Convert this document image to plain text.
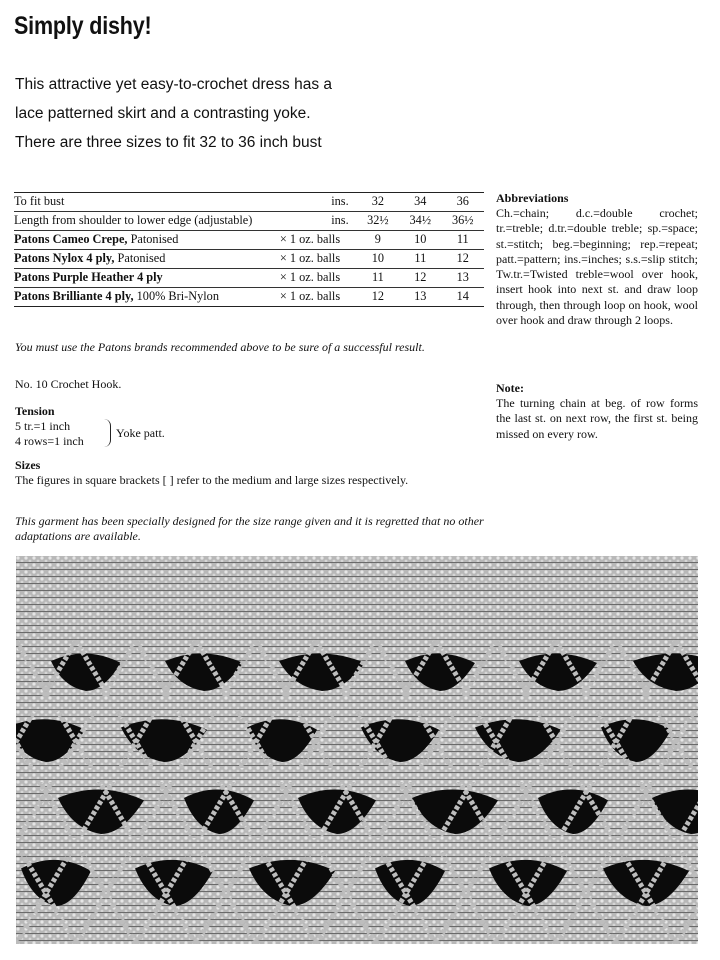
Simply dishy!
This attractive yet easy-to-crochet dress has a
lace patterned skirt and a contrasting yoke.
There are three sizes to fit 32 to 36 inch bust
To fit bust	ins.	32	34	36
Length from shoulder to lower edge (adjustable)	ins.	32½	34½	36½
Patons Cameo Crepe, Patonised	× 1 oz. balls	9	10	11
Patons Nylox 4 ply, Patonised	× 1 oz. balls	10	11	12
Patons Purple Heather 4 ply	× 1 oz. balls	11	12	13
Patons Brilliante 4 ply, 100% Bri-Nylon	× 1 oz. balls	12	13	14
You must use the Patons brands recommended above to be sure of a successful result.
No. 10 Crochet Hook.
Tension
5 tr.=1 inch
4 rows=1 inch
Yoke patt.
Sizes
The figures in square brackets [ ] refer to the medium and large sizes respectively.
This garment has been specially designed for the size range given and it is regretted that no other adaptations are available.
Abbreviations
Ch.=chain; d.c.=double crochet; tr.=treble; d.tr.=double treble; sp.=space; st.=stitch; beg.=beginning; rep.=repeat; patt.=pattern; ins.=inches; s.s.=slip stitch; Tw.tr.=Twisted treble=wool over hook, insert hook into next st. and draw loop through, then through loop on hook, wool over hook and draw through 2 loops.
Note:
The turning chain at beg. of row forms the last st. on next row, the first st. being missed on every row.
